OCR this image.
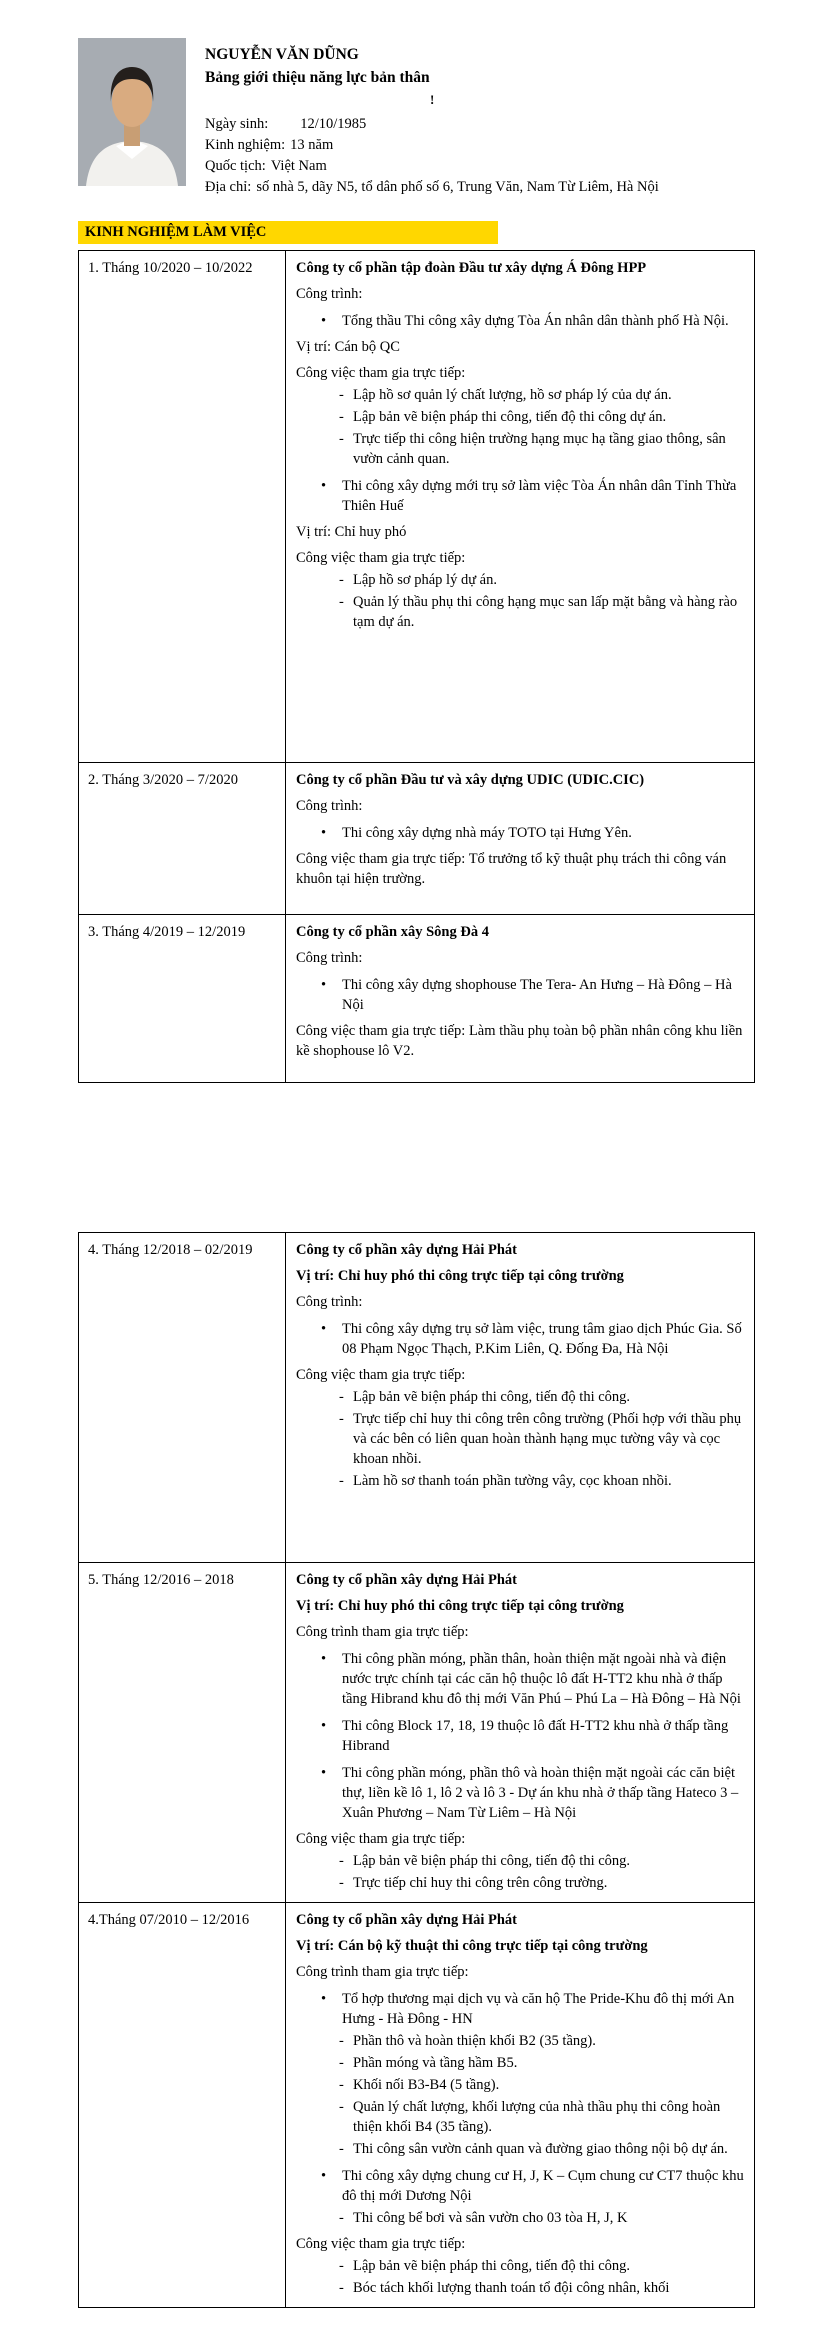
NGUYỄN VĂN DŨNG
Bảng giới thiệu năng lực bản thân
Ngày sinh: 12/10/1985
Kinh nghiệm: 13 năm
Quốc tịch: Việt Nam
Địa chỉ: số nhà 5, dãy N5, tổ dân phố số 6, Trung Văn, Nam Từ Liêm, Hà Nội
!
KINH NGHIỆM LÀM VIỆC
1. Tháng 10/2020 – 10/2022	Công ty cổ phần tập đoàn Đầu tư xây dựng Á Đông HPP
Công trình:
• Tổng thầu Thi công xây dựng Tòa Án nhân dân thành phố Hà Nội.
Vị trí: Cán bộ QC
Công việc tham gia trực tiếp:
- Lập hồ sơ quản lý chất lượng, hồ sơ pháp lý của dự án.
- Lập bản vẽ biện pháp thi công, tiến độ thi công dự án.
- Trực tiếp thi công hiện trường hạng mục hạ tầng giao thông, sân vườn cảnh quan.
• Thi công xây dựng mới trụ sở làm việc Tòa Án nhân dân Tỉnh Thừa Thiên Huế
Vị trí: Chỉ huy phó
Công việc tham gia trực tiếp:
- Lập hồ sơ pháp lý dự án.
- Quản lý thầu phụ thi công hạng mục san lấp mặt bằng và hàng rào tạm dự án.

2. Tháng 3/2020 – 7/2020	Công ty cổ phần Đầu tư và xây dựng UDIC (UDIC.CIC)
Công trình:
• Thi công xây dựng nhà máy TOTO tại Hưng Yên.
Công việc tham gia trực tiếp: Tổ trưởng tổ kỹ thuật phụ trách thi công ván khuôn tại hiện trường.

3. Tháng 4/2019 – 12/2019	Công ty cổ phần xây Sông Đà 4
Công trình:
• Thi công xây dựng shophouse The Tera- An Hưng – Hà Đông – Hà Nội
Công việc tham gia trực tiếp: Làm thầu phụ toàn bộ phần nhân công khu liền kề shophouse lô V2.
4. Tháng 12/2018 – 02/2019	Công ty cổ phần xây dựng Hải Phát
Vị trí: Chỉ huy phó thi công trực tiếp tại công trường
Công trình:
• Thi công xây dựng trụ sở làm việc, trung tâm giao dịch Phúc Gia. Số 08 Phạm Ngọc Thạch, P.Kim Liên, Q. Đống Đa, Hà Nội
Công việc tham gia trực tiếp:
- Lập bản vẽ biện pháp thi công, tiến độ thi công.
- Trực tiếp chỉ huy thi công trên công trường (Phối hợp với thầu phụ và các bên có liên quan hoàn thành hạng mục tường vây và cọc khoan nhồi.
- Làm hồ sơ thanh toán phần tường vây, cọc khoan nhồi.

5. Tháng 12/2016 – 2018	Công ty cổ phần xây dựng Hải Phát
Vị trí: Chỉ huy phó thi công trực tiếp tại công trường
Công trình tham gia trực tiếp:
• Thi công phần móng, phần thân, hoàn thiện mặt ngoài nhà và điện nước trực chính tại các căn hộ thuộc lô đất H-TT2 khu nhà ở thấp tầng Hibrand khu đô thị mới Văn Phú – Phú La – Hà Đông – Hà Nội
• Thi công Block 17, 18, 19 thuộc lô đất H-TT2 khu nhà ở thấp tầng Hibrand
• Thi công phần móng, phần thô và hoàn thiện mặt ngoài các căn biệt thự, liền kề lô 1, lô 2 và lô 3 - Dự án khu nhà ở thấp tầng Hateco 3 – Xuân Phương – Nam Từ Liêm – Hà Nội
Công việc tham gia trực tiếp:
- Lập bản vẽ biện pháp thi công, tiến độ thi công.
- Trực tiếp chỉ huy thi công trên công trường.

4.Tháng 07/2010 – 12/2016	Công ty cổ phần xây dựng Hải Phát
Vị trí: Cán bộ kỹ thuật thi công trực tiếp tại công trường
Công trình tham gia trực tiếp:
• Tổ hợp thương mại dịch vụ và căn hộ The Pride-Khu đô thị mới An Hưng - Hà Đông - HN
- Phần thô và hoàn thiện khối B2 (35 tầng).
- Phần móng và tầng hầm B5.
- Khối nối B3-B4 (5 tầng).
- Quản lý chất lượng, khối lượng của nhà thầu phụ thi công hoàn thiện khối B4 (35 tầng).
- Thi công sân vườn cảnh quan và đường giao thông nội bộ dự án.
• Thi công xây dựng chung cư H, J, K – Cụm chung cư CT7 thuộc khu đô thị mới Dương Nội
- Thi công bể bơi và sân vườn cho 03 tòa H, J, K
Công việc tham gia trực tiếp:
- Lập bản vẽ biện pháp thi công, tiến độ thi công.
- Bóc tách khối lượng thanh toán tổ đội công nhân, khối
